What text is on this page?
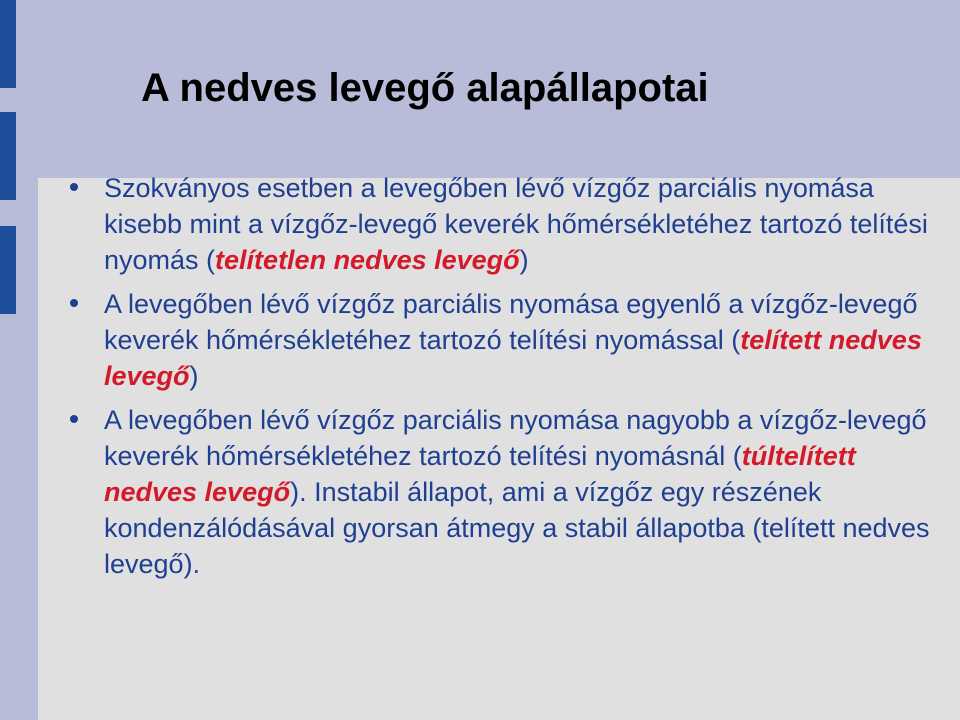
A nedves levegő alapállapotai
Szokványos esetben a levegőben lévő vízgőz parciális nyomása kisebb mint a vízgőz-levegő keverék hőmérsékletéhez tartozó telítési nyomás (telítetlen nedves levegő)
A levegőben lévő vízgőz parciális nyomása egyenlő a vízgőz-levegő keverék hőmérsékletéhez tartozó telítési nyomással (telített nedves levegő)
A levegőben lévő vízgőz parciális nyomása nagyobb a vízgőz-levegő keverék hőmérsékletéhez tartozó telítési nyomásnál (túltelített nedves levegő). Instabil állapot, ami a vízgőz egy részének kondenzálódásával gyorsan átmegy a stabil állapotba (telített nedves levegő).
